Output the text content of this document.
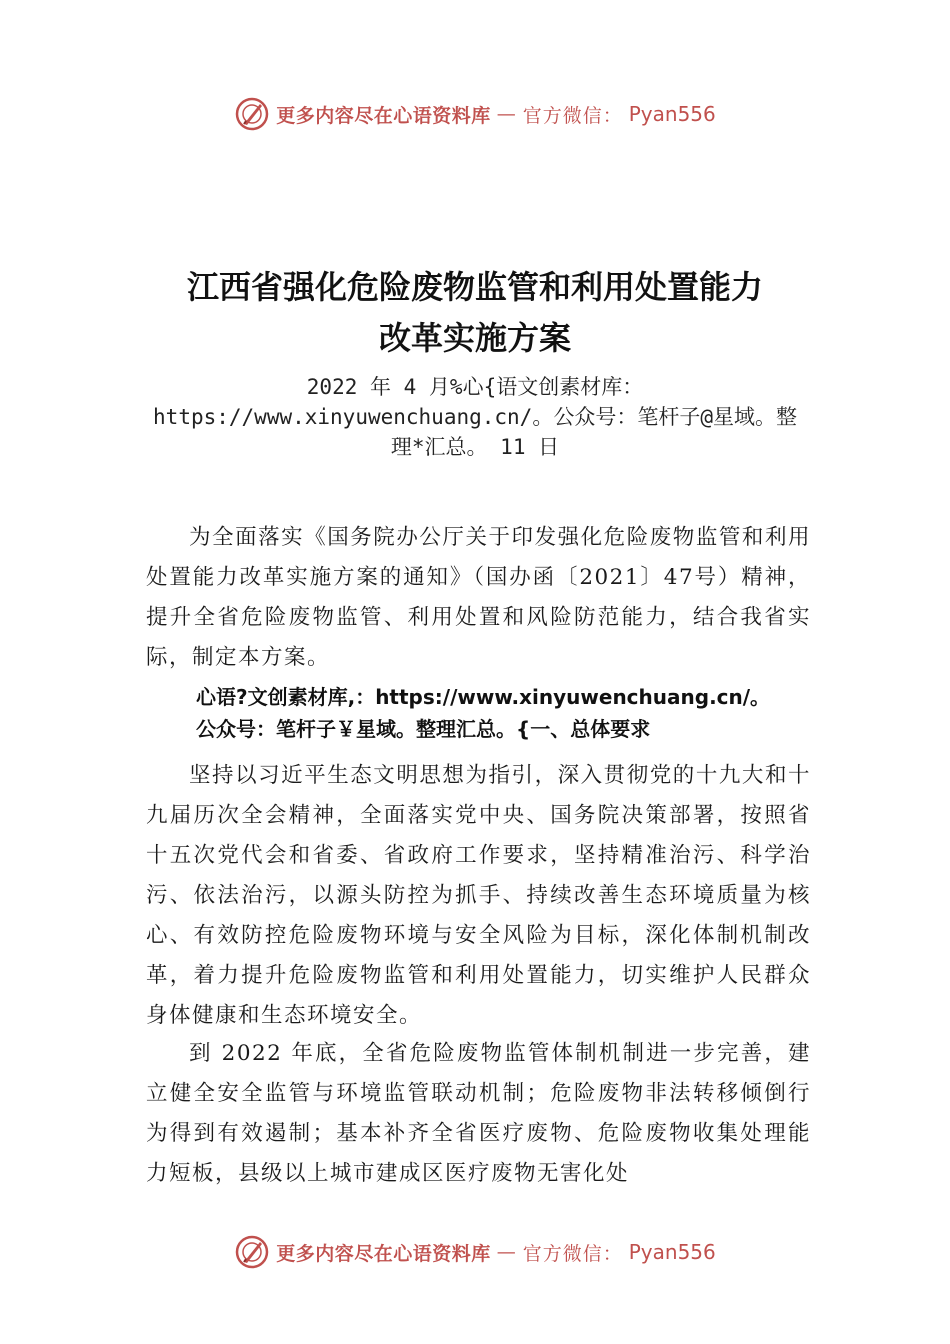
更多内容尽在心语资料库 — 官方微信： Pyan556
江西省强化危险废物监管和利用处置能力
改革实施方案
2022 年 4 月%心{语文创素材库：https://www.xinyuwenchuang.cn/。公众号：笔杆子@星域。整理*汇总。 11 日

为全面落实《国务院办公厅关于印发强化危险废物监管和利用处置能力改革实施方案的通知》（国办函〔2021〕47号）精神，提升全省危险废物监管、利用处置和风险防范能力，结合我省实际，制定本方案。

心语?文创素材库,：https://www.xinyuwenchuang.cn/。
公众号：笔杆子￥星域。整理汇总。{一、总体要求

坚持以习近平生态文明思想为指引，深入贯彻党的十九大和十九届历次全会精神，全面落实党中央、国务院决策部署，按照省十五次党代会和省委、省政府工作要求，坚持精准治污、科学治污、依法治污，以源头防控为抓手、持续改善生态环境质量为核心、有效防控危险废物环境与安全风险为目标，深化体制机制改革，着力提升危险废物监管和利用处置能力，切实维护人民群众身体健康和生态环境安全。

到 2022 年底，全省危险废物监管体制机制进一步完善，建立健全安全监管与环境监管联动机制；危险废物非法转移倾倒行为得到有效遏制；基本补齐全省医疗废物、危险废物收集处理能力短板，县级以上城市建成区医疗废物无害化处

更多内容尽在心语资料库 — 官方微信： Pyan556
